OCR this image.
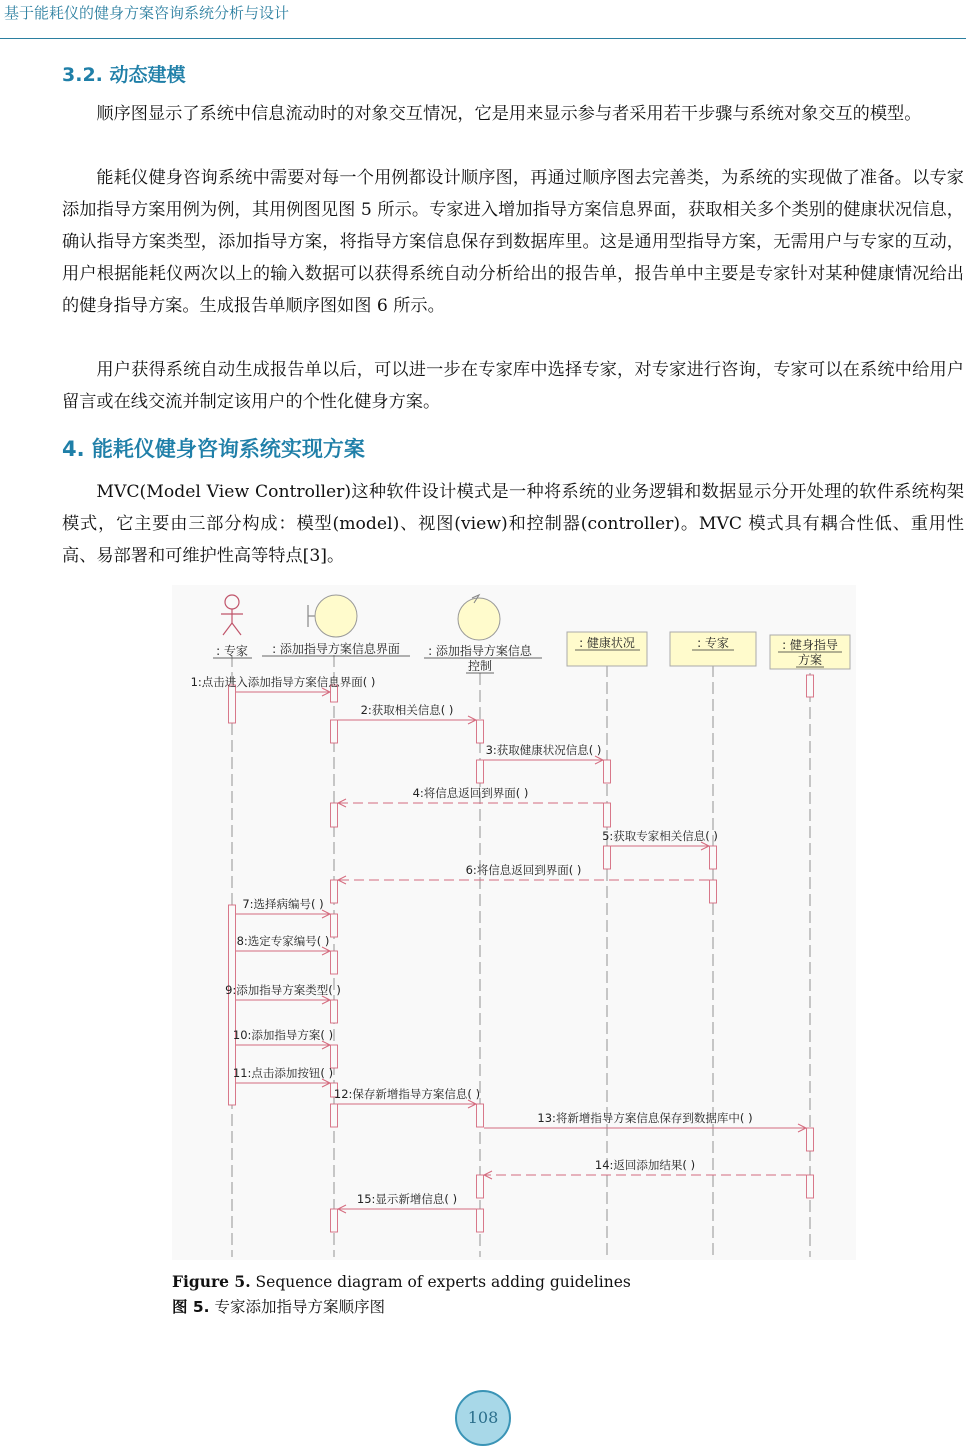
基于能耗仪的健身方案咨询系统分析与设计
3.2. 动态建模

顺序图显示了系统中信息流动时的对象交互情况，它是用来显示参与者采用若干步骤与系统对象交互的模型。

能耗仪健身咨询系统中需要对每一个用例都设计顺序图，再通过顺序图去完善类，为系统的实现做了准备。以专家添加指导方案用例为例，其用例图见图 5 所示。专家进入增加指导方案信息界面，获取相关多个类别的健康状况信息，确认指导方案类型，添加指导方案，将指导方案信息保存到数据库里。这是通用型指导方案，无需用户与专家的互动，用户根据能耗仪两次以上的输入数据可以获得系统自动分析给出的报告单，报告单中主要是专家针对某种健康情况给出的健身指导方案。生成报告单顺序图如图 6 所示。

用户获得系统自动生成报告单以后，可以进一步在专家库中选择专家，对专家进行咨询，专家可以在系统中给用户留言或在线交流并制定该用户的个性化健身方案。

4. 能耗仪健身咨询系统实现方案

MVC(Model View Controller)这种软件设计模式是一种将系统的业务逻辑和数据显示分开处理的软件系统构架模式，它主要由三部分构成：模型(model)、视图(view)和控制器(controller)。MVC 模式具有耦合性低、重用性高、易部署和可维护性高等特点[3]。

: 专家 : 添加指导方案信息界面 : 添加指导方案信息
控制
: 健康状况	: 专家	: 健身指导
方案
1:点击进入添加指导方案信息界面( )
2:获取相关信息( )
3:获取健康状况信息( )
4:将信息返回到界面( )
5:获取专家相关信息( )
6:将信息返回到界面( )
7:选择病编号( )
8:选定专家编号( )
9:添加指导方案类型( )
10:添加指导方案( )
11:点击添加按钮( )
12:保存新增指导方案信息( )
13:将新增指导方案信息保存到数据库中( )
14:返回添加结果( )
15:显示新增信息( )
Figure 5. Sequence diagram of experts adding guidelines
图 5. 专家添加指导方案顺序图
108
